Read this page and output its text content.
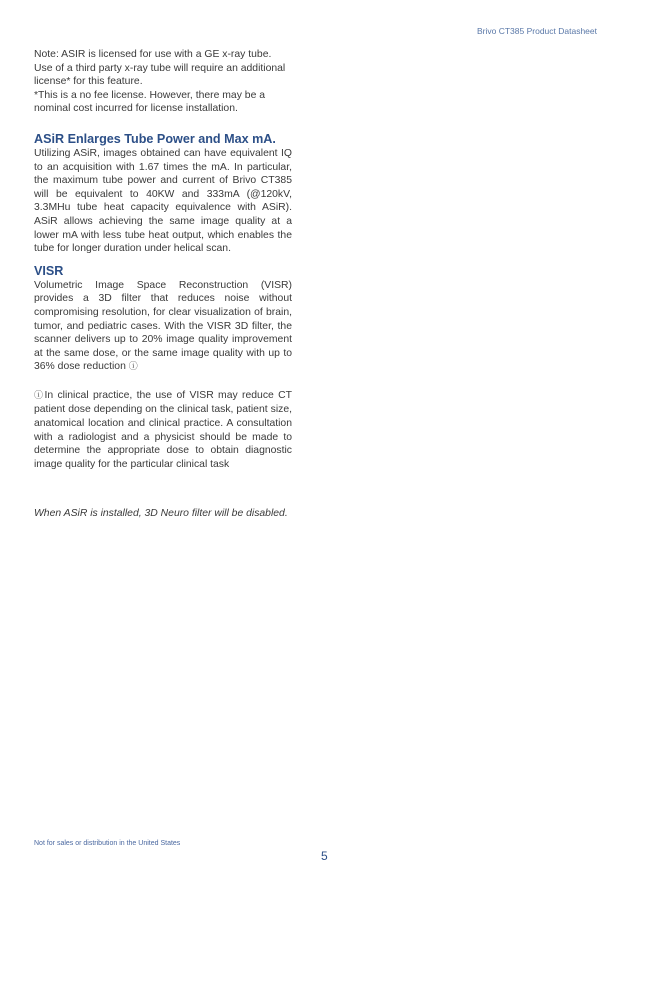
Brivo CT385 Product Datasheet

Note: ASIR is licensed for use with a GE x-ray tube. Use of a third party x-ray tube will require an additional license* for this feature.

*This is a no fee license. However, there may be a nominal cost incurred for license installation.

ASiR Enlarges Tube Power and Max mA.

Utilizing ASiR, images obtained can have equivalent IQ to an acquisition with 1.67 times the mA. In particular, the maximum tube power and current of Brivo CT385 will be equivalent to 40KW and 333mA (@120kV, 3.3MHu tube heat capacity equivalence with ASiR). ASiR allows achieving the same image quality at a lower mA with less tube heat output, which enables the tube for longer duration under helical scan.

VISR

Volumetric Image Space Reconstruction (VISR) provides a 3D filter that reduces noise without compromising resolution, for clear visualization of brain, tumor, and pediatric cases. With the VISR 3D filter, the scanner delivers up to 20% image quality improvement at the same dose, or the same image quality with up to 36% dose reduction ⓘ

ⓘIn clinical practice, the use of VISR may reduce CT patient dose depending on the clinical task, patient size, anatomical location and clinical practice. A consultation with a radiologist and a physicist should be made to determine the appropriate dose to obtain diagnostic image quality for the particular clinical task

When ASiR is installed, 3D Neuro filter will be disabled.
Not for sales or distribution in the United States
5
